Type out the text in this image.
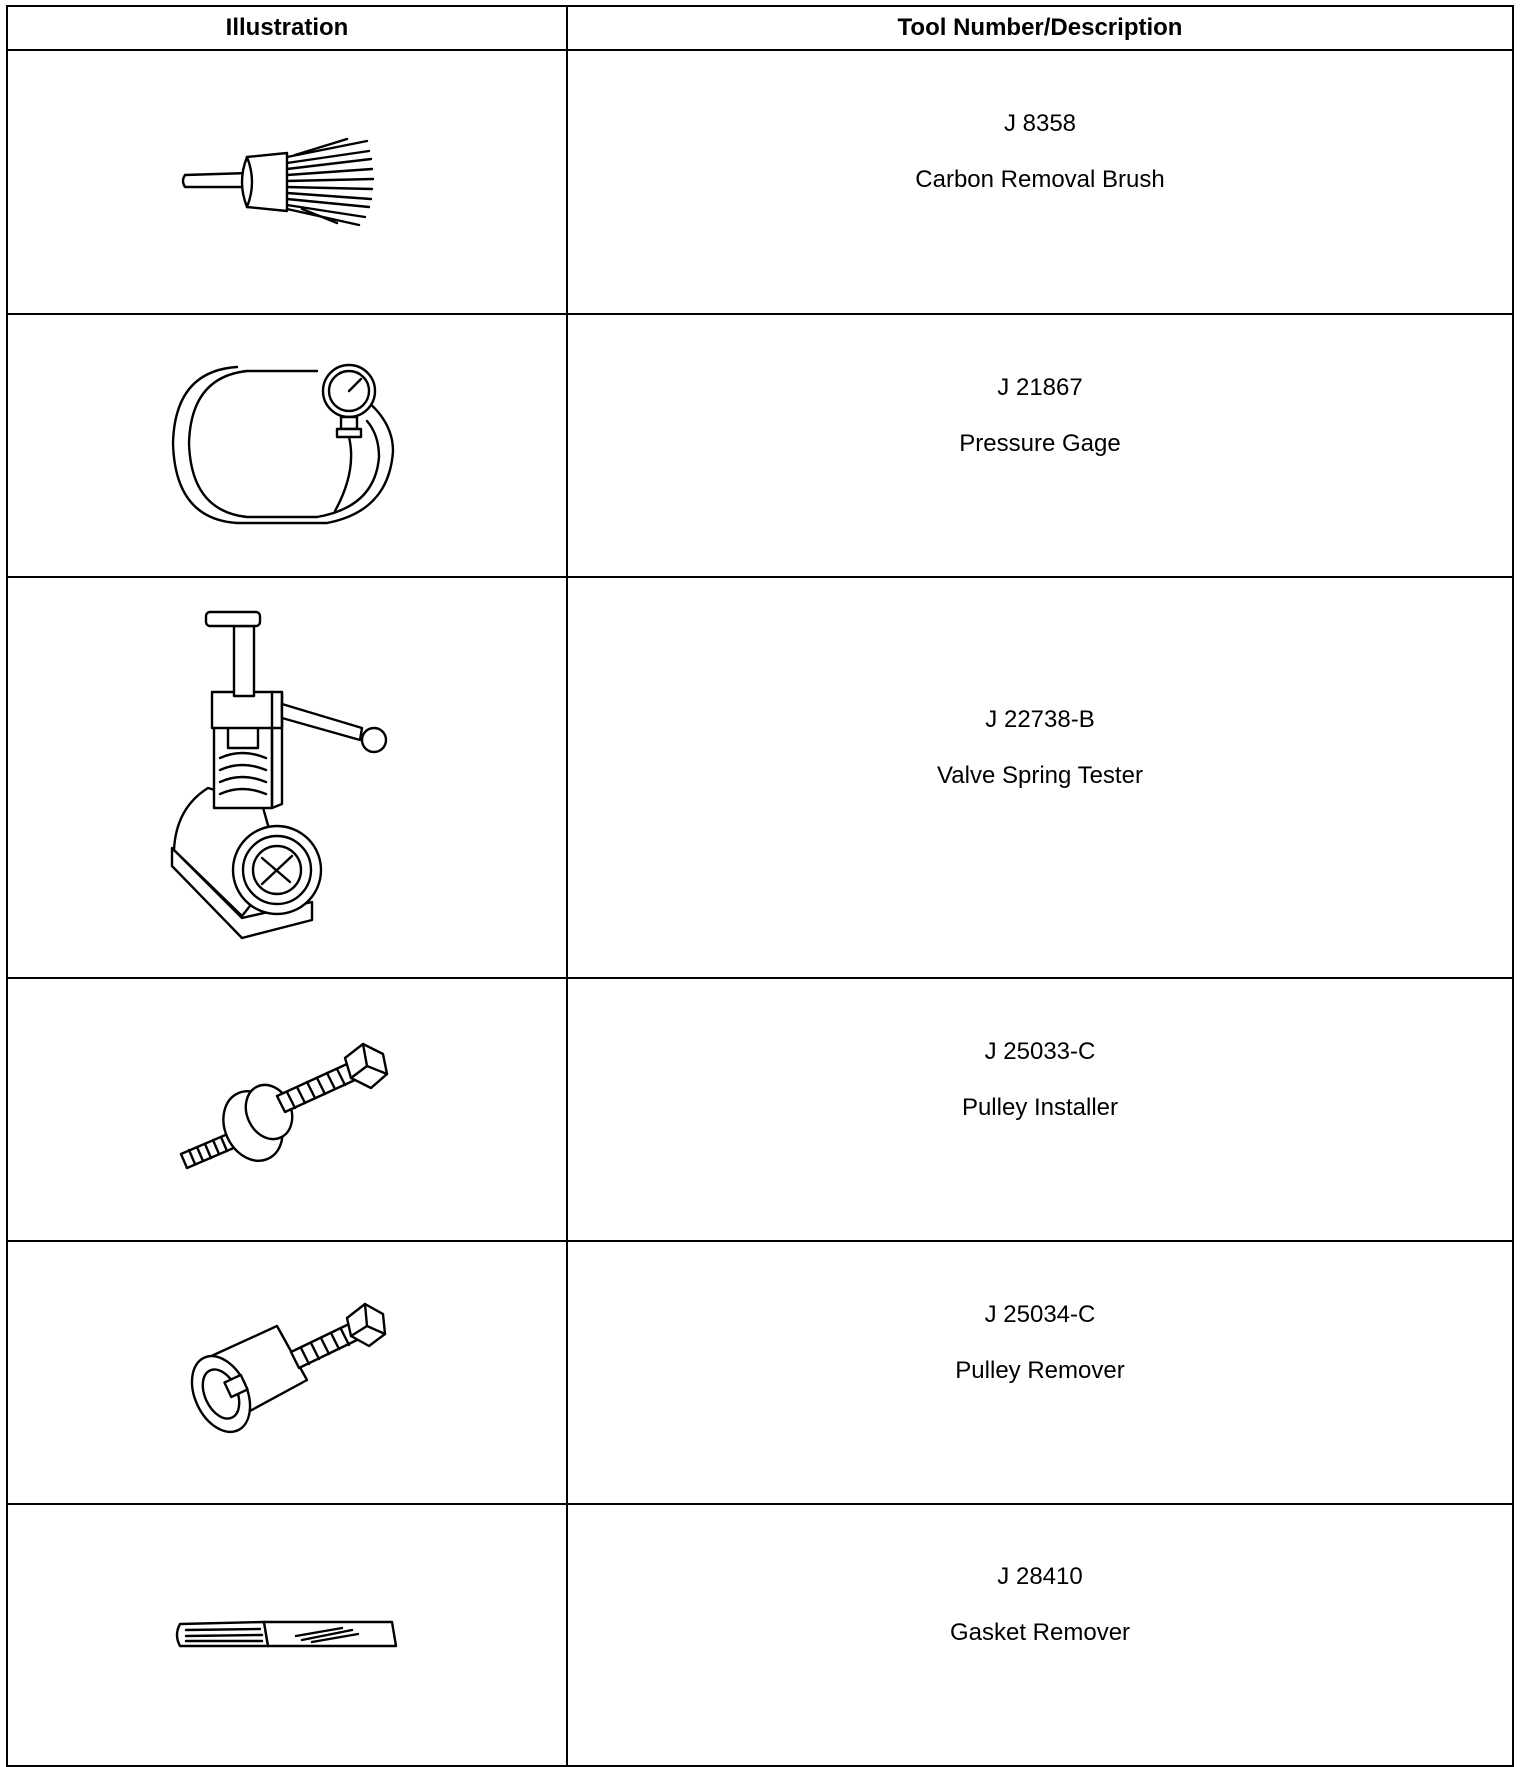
Illustration	Tool Number/Description

J 8358
Carbon Removal Brush

J 21867
Pressure Gage

J 22738-B
Valve Spring Tester

J 25033-C
Pulley Installer

J 25034-C
Pulley Remover

J 28410
Gasket Remover
